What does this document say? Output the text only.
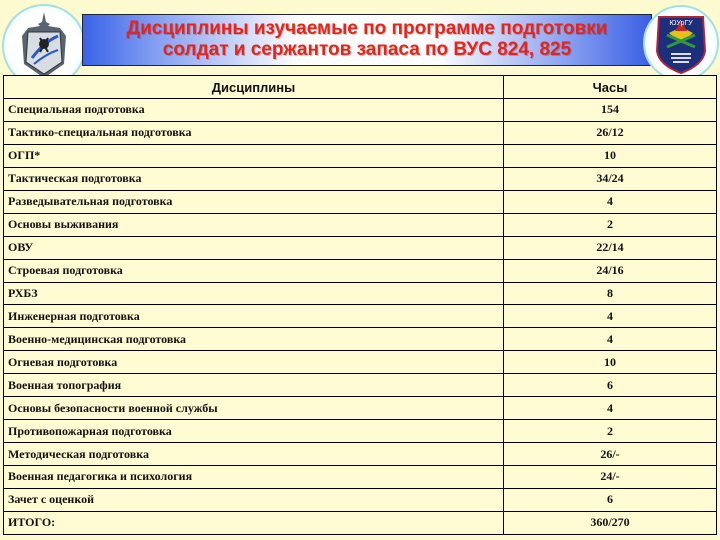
Дисциплины изучаемые по программе подготовки
солдат и сержантов запаса по ВУС 824, 825
ЮУрГУ
Дисциплины	Часы
Специальная подготовка	154
Тактико-специальная подготовка	26/12
ОГП*	10
Тактическая подготовка	34/24
Разведывательная подготовка	4
Основы выживания	2
ОВУ	22/14
Строевая подготовка	24/16
РХБЗ	8
Инженерная подготовка	4
Военно-медицинская подготовка	4
Огневая подготовка	10
Военная топография	6
Основы безопасности военной службы	4
Противопожарная подготовка	2
Методическая подготовка	26/-
Военная педагогика и психология	24/-
Зачет с оценкой	6
ИТОГО:	360/270
